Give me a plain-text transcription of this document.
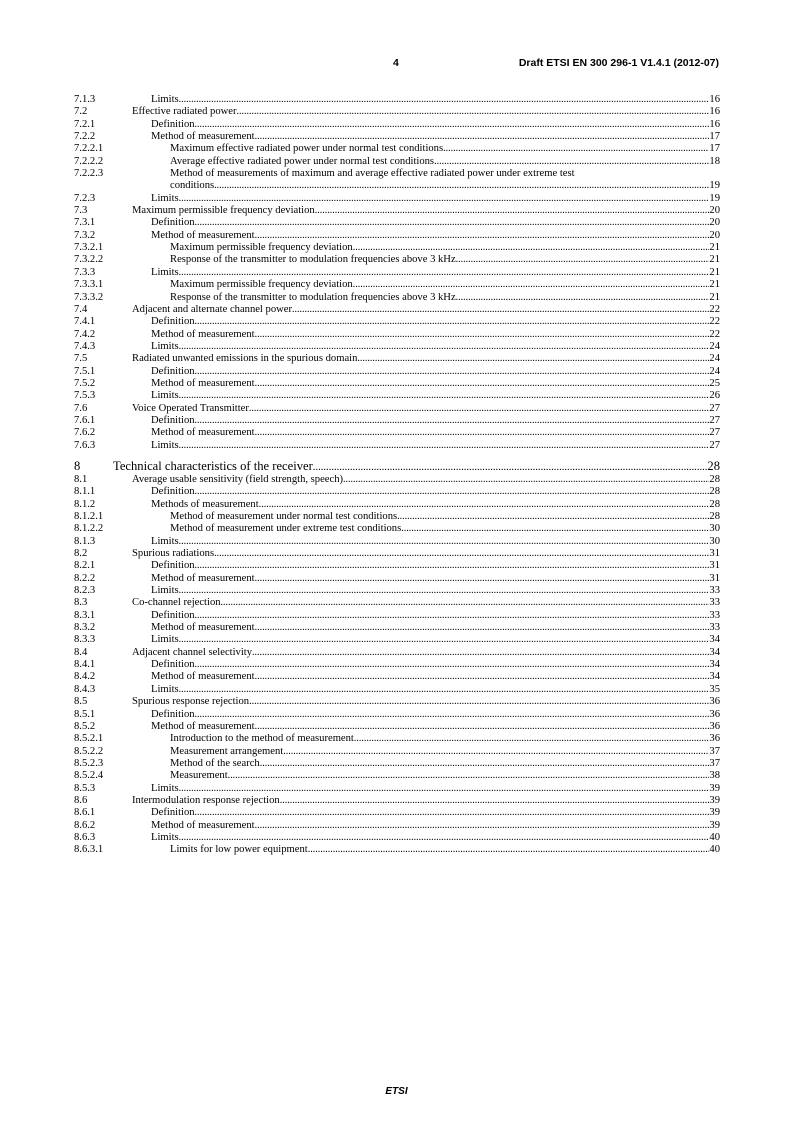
4	Draft ETSI EN 300 296-1 V1.4.1 (2012-07)
7.1.3	Limits .....	16
7.2	Effective radiated power .....	16
7.2.1	Definition .....	16
7.2.2	Method of measurement .....	17
7.2.2.1	Maximum effective radiated power under normal test conditions .....	17
7.2.2.2	Average effective radiated power under normal test conditions .....	18
7.2.2.3	Method of measurements of maximum and average effective radiated power under extreme test
conditions .....	19
7.2.3	Limits .....	19
7.3	Maximum permissible frequency deviation .....	20
7.3.1	Definition .....	20
7.3.2	Method of measurement .....	20
7.3.2.1	Maximum permissible frequency deviation .....	21
7.3.2.2	Response of the transmitter to modulation frequencies above 3 kHz .....	21
7.3.3	Limits .....	21
7.3.3.1	Maximum permissible frequency deviation .....	21
7.3.3.2	Response of the transmitter to modulation frequencies above 3 kHz .....	21
7.4	Adjacent and alternate channel power .....	22
7.4.1	Definition .....	22
7.4.2	Method of measurement .....	22
7.4.3	Limits .....	24
7.5	Radiated unwanted emissions in the spurious domain .....	24
7.5.1	Definition .....	24
7.5.2	Method of measurement .....	25
7.5.3	Limits .....	26
7.6	Voice Operated Transmitter .....	27
7.6.1	Definition .....	27
7.6.2	Method of measurement .....	27
7.6.3	Limits .....	27
8	Technical characteristics of the receiver .....	28
8.1	Average usable sensitivity (field strength, speech) .....	28
8.1.1	Definition .....	28
8.1.2	Methods of measurement .....	28
8.1.2.1	Method of measurement under normal test conditions .....	28
8.1.2.2	Method of measurement under extreme test conditions .....	30
8.1.3	Limits .....	30
8.2	Spurious radiations .....	31
8.2.1	Definition .....	31
8.2.2	Method of measurement .....	31
8.2.3	Limits .....	33
8.3	Co-channel rejection .....	33
8.3.1	Definition .....	33
8.3.2	Method of measurement .....	33
8.3.3	Limits .....	34
8.4	Adjacent channel selectivity .....	34
8.4.1	Definition .....	34
8.4.2	Method of measurement .....	34
8.4.3	Limits .....	35
8.5	Spurious response rejection .....	36
8.5.1	Definition .....	36
8.5.2	Method of measurement .....	36
8.5.2.1	Introduction to the method of measurement .....	36
8.5.2.2	Measurement arrangement .....	37
8.5.2.3	Method of the search .....	37
8.5.2.4	Measurement .....	38
8.5.3	Limits .....	39
8.6	Intermodulation response rejection .....	39
8.6.1	Definition .....	39
8.6.2	Method of measurement .....	39
8.6.3	Limits .....	40
8.6.3.1	Limits for low power equipment .....	40
ETSI
